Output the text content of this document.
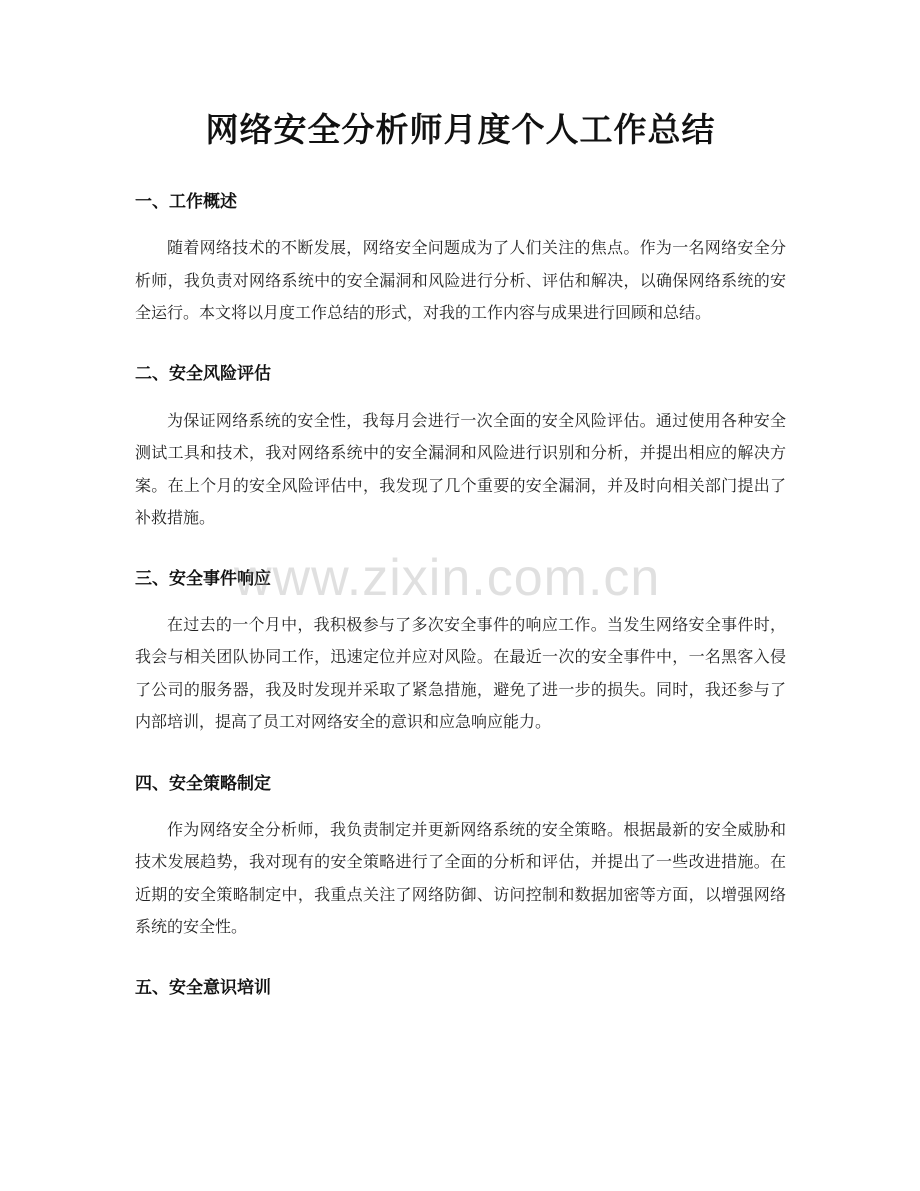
网络安全分析师月度个人工作总结
一、工作概述

随着网络技术的不断发展，网络安全问题成为了人们关注的焦点。作为一名网络安全分析师，我负责对网络系统中的安全漏洞和风险进行分析、评估和解决，以确保网络系统的安全运行。本文将以月度工作总结的形式，对我的工作内容与成果进行回顾和总结。

二、安全风险评估

为保证网络系统的安全性，我每月会进行一次全面的安全风险评估。通过使用各种安全测试工具和技术，我对网络系统中的安全漏洞和风险进行识别和分析，并提出相应的解决方案。在上个月的安全风险评估中，我发现了几个重要的安全漏洞，并及时向相关部门提出了补救措施。

三、安全事件响应

在过去的一个月中，我积极参与了多次安全事件的响应工作。当发生网络安全事件时，我会与相关团队协同工作，迅速定位并应对风险。在最近一次的安全事件中，一名黑客入侵了公司的服务器，我及时发现并采取了紧急措施，避免了进一步的损失。同时，我还参与了内部培训，提高了员工对网络安全的意识和应急响应能力。

四、安全策略制定

作为网络安全分析师，我负责制定并更新网络系统的安全策略。根据最新的安全威胁和技术发展趋势，我对现有的安全策略进行了全面的分析和评估，并提出了一些改进措施。在近期的安全策略制定中，我重点关注了网络防御、访问控制和数据加密等方面，以增强网络系统的安全性。

五、安全意识培训
www.zixin.com.cn
